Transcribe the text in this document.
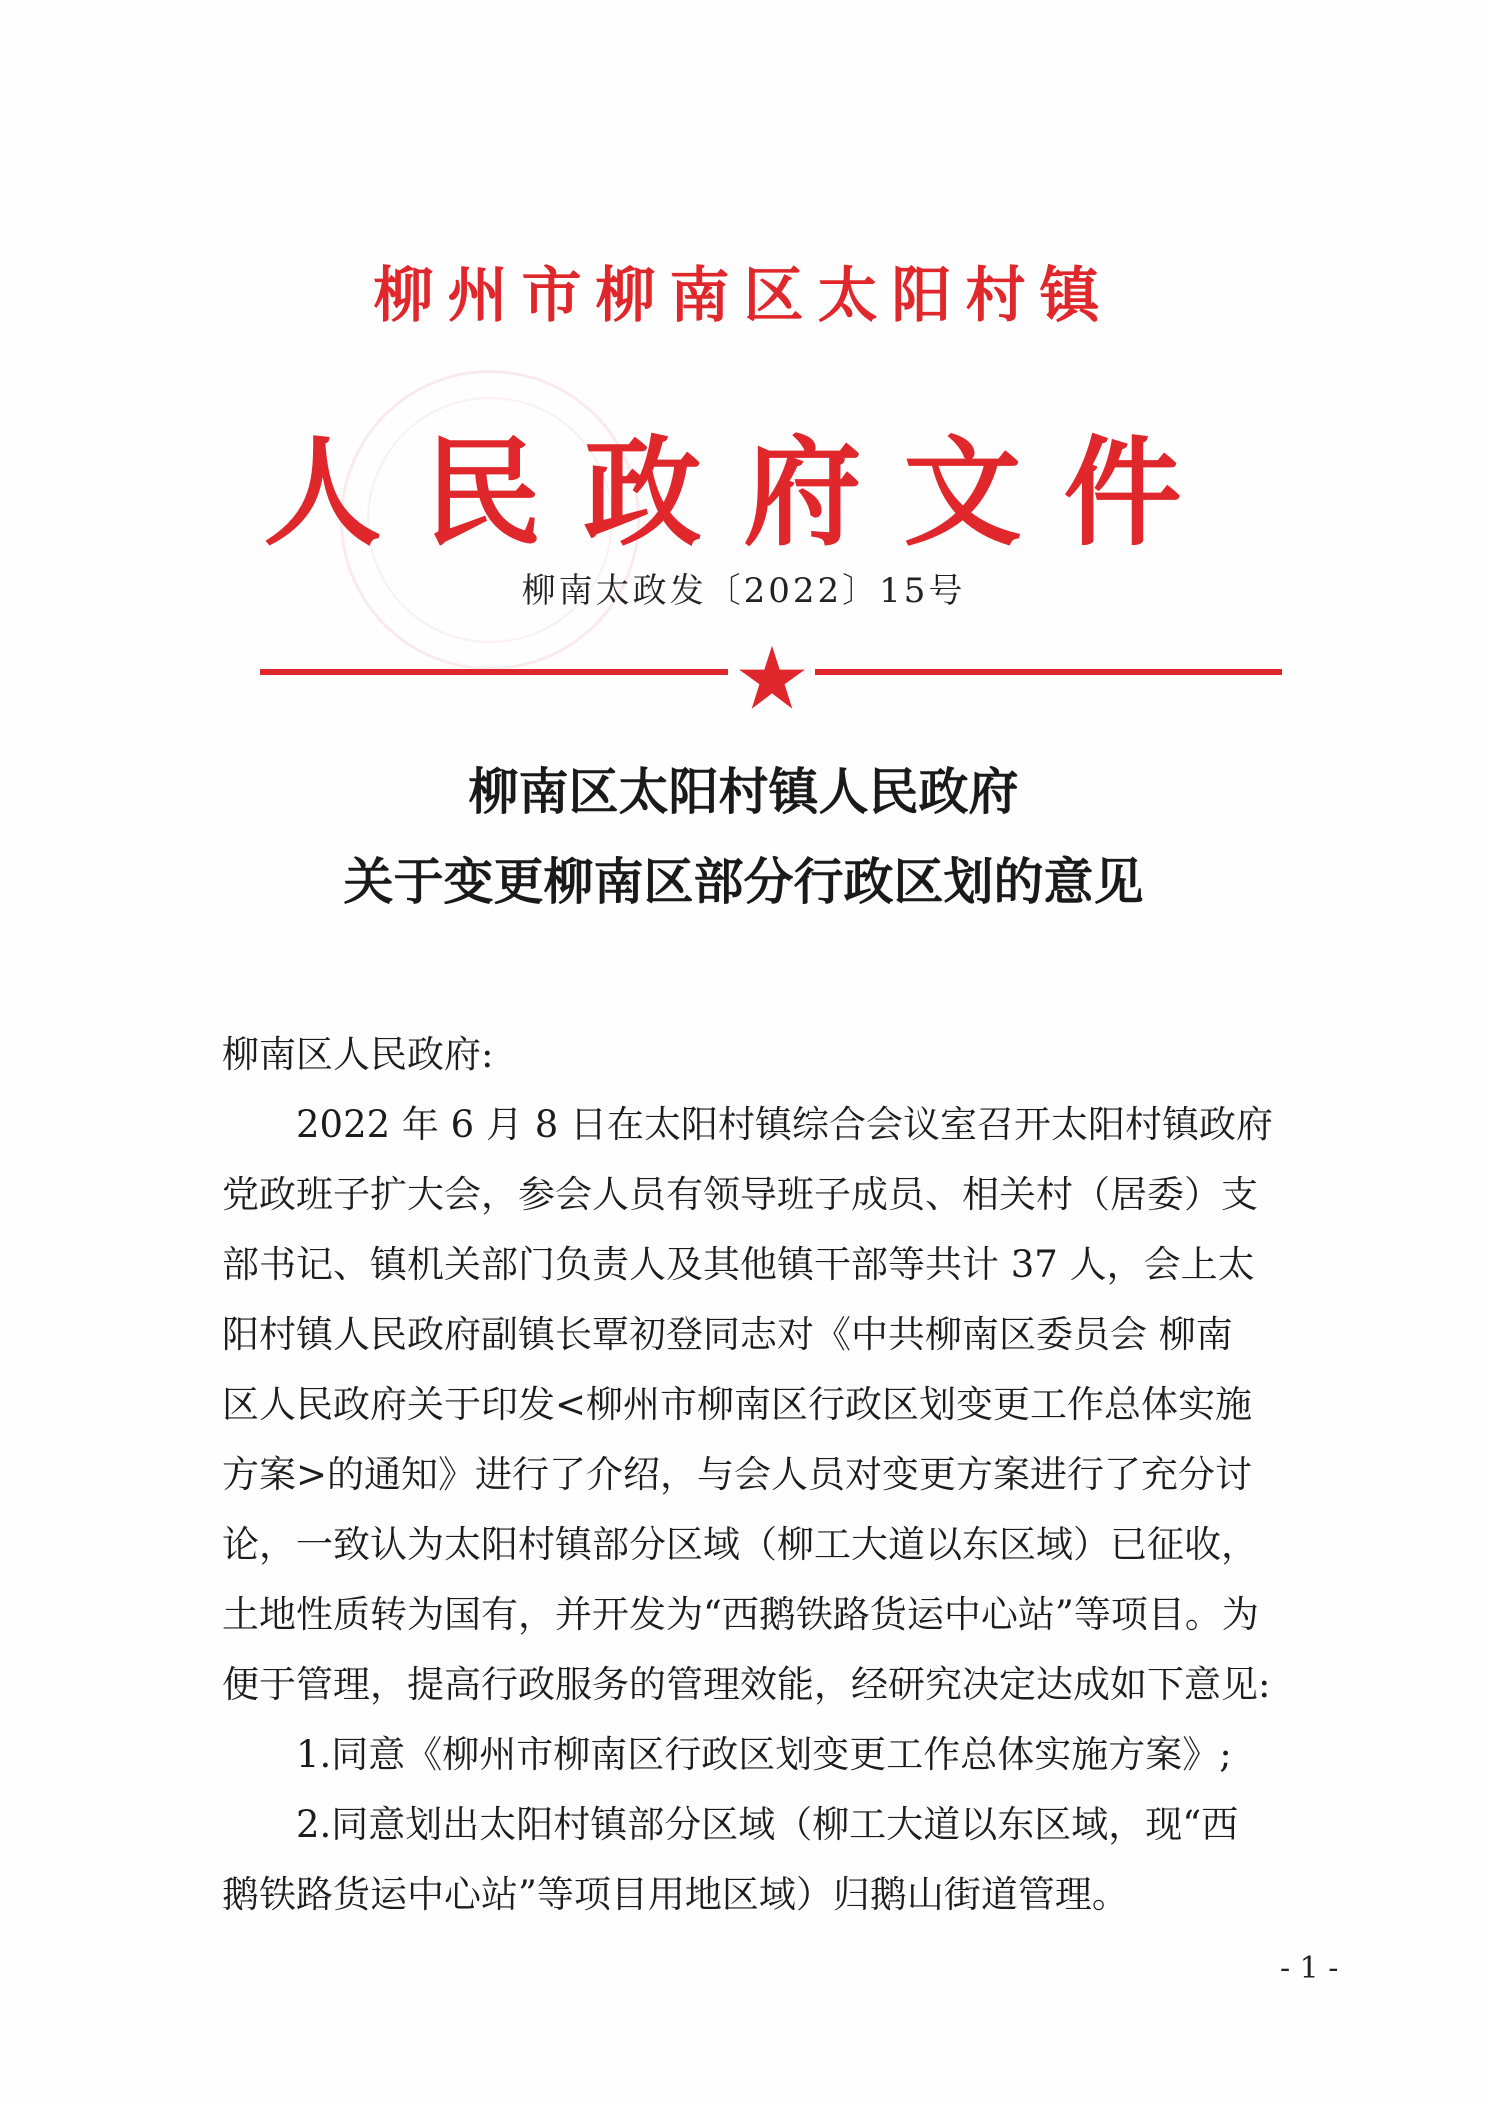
柳州市柳南区太阳村镇
人民政府文件
柳南太政发〔2022〕15号
柳南区太阳村镇人民政府
关于变更柳南区部分行政区划的意见
柳南区人民政府:
2022 年 6 月 8 日在太阳村镇综合会议室召开太阳村镇政府
党政班子扩大会，参会人员有领导班子成员、相关村（居委）支
部书记、镇机关部门负责人及其他镇干部等共计 37 人，会上太
阳村镇人民政府副镇长覃初登同志对《中共柳南区委员会 柳南
区人民政府关于印发<柳州市柳南区行政区划变更工作总体实施
方案>的通知》进行了介绍，与会人员对变更方案进行了充分讨
论，一致认为太阳村镇部分区域（柳工大道以东区域）已征收，
土地性质转为国有，并开发为“西鹅铁路货运中心站”等项目。为
便于管理，提高行政服务的管理效能，经研究决定达成如下意见:
1.同意《柳州市柳南区行政区划变更工作总体实施方案》;
2.同意划出太阳村镇部分区域（柳工大道以东区域，现“西
鹅铁路货运中心站”等项目用地区域）归鹅山街道管理。
- 1 -
